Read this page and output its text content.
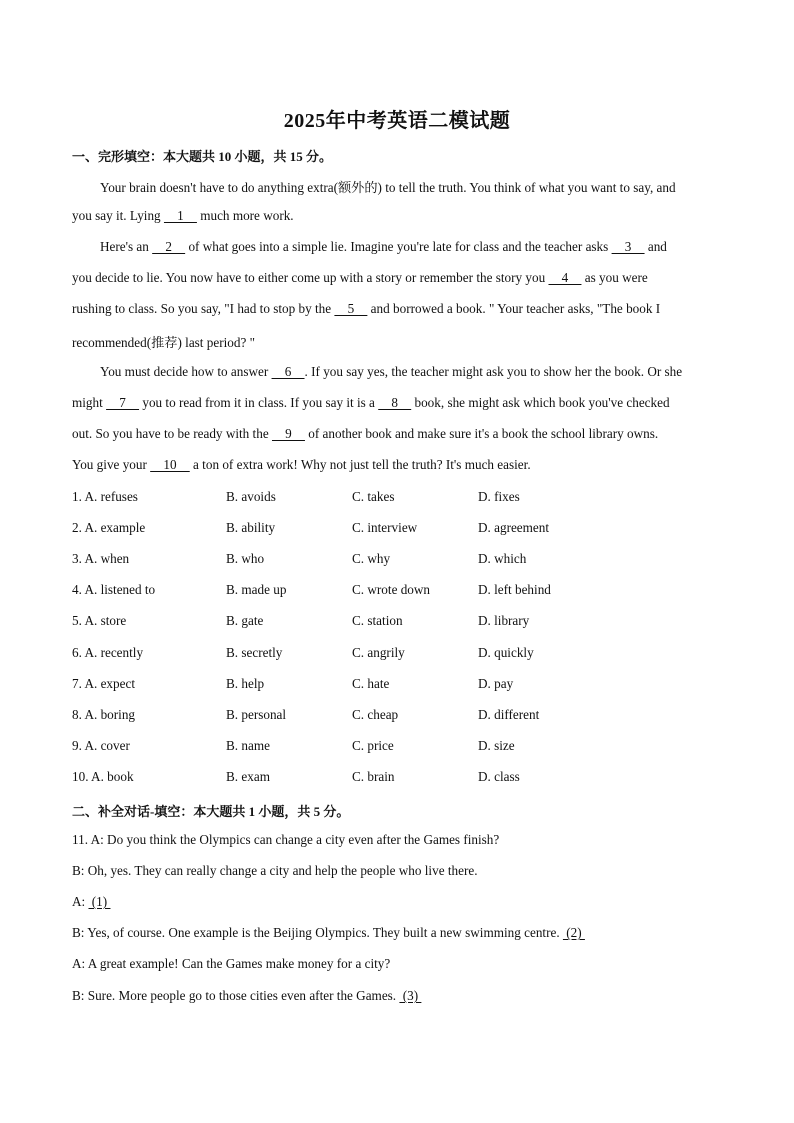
2025年中考英语二模试题
一、完形填空：本大题共 10 小题，共 15 分。
Your brain doesn't have to do anything extra(额外的) to tell the truth. You think of what you want to say, and
you say it. Lying     1     much more work.
Here's an     2     of what goes into a simple lie. Imagine you're late for class and the teacher asks     3     and
you decide to lie. You now have to either come up with a story or remember the story you     4     as you were
rushing to class. So you say, "I had to stop by the     5     and borrowed a book. " Your teacher asks, "The book I
recommended(推荐) last period? "
You must decide how to answer     6    . If you say yes, the teacher might ask you to show her the book. Or she
might     7     you to read from it in class. If you say it is a     8     book, she might ask which book you've checked
out. So you have to be ready with the     9     of another book and make sure it's a book the school library owns.
You give your     10     a ton of extra work! Why not just tell the truth? It's much easier.
1. A. refuses	B. avoids	C. takes	D. fixes
2. A. example	B. ability	C. interview	D. agreement
3. A. when	B. who	C. why	D. which
4. A. listened to	B. made up	C. wrote down	D. left behind
5. A. store	B. gate	C. station	D. library
6. A. recently	B. secretly	C. angrily	D. quickly
7. A. expect	B. help	C. hate	D. pay
8. A. boring	B. personal	C. cheap	D. different
9. A. cover	B. name	C. price	D. size
10. A. book	B. exam	C. brain	D. class
二、补全对话-填空：本大题共 1 小题，共 5 分。
11. A: Do you think the Olympics can change a city even after the Games finish?
B: Oh, yes. They can really change a city and help the people who live there.
A:  (1)
B: Yes, of course. One example is the Beijing Olympics. They built a new swimming centre.  (2)
A: A great example! Can the Games make money for a city?
B: Sure. More people go to those cities even after the Games.  (3)
